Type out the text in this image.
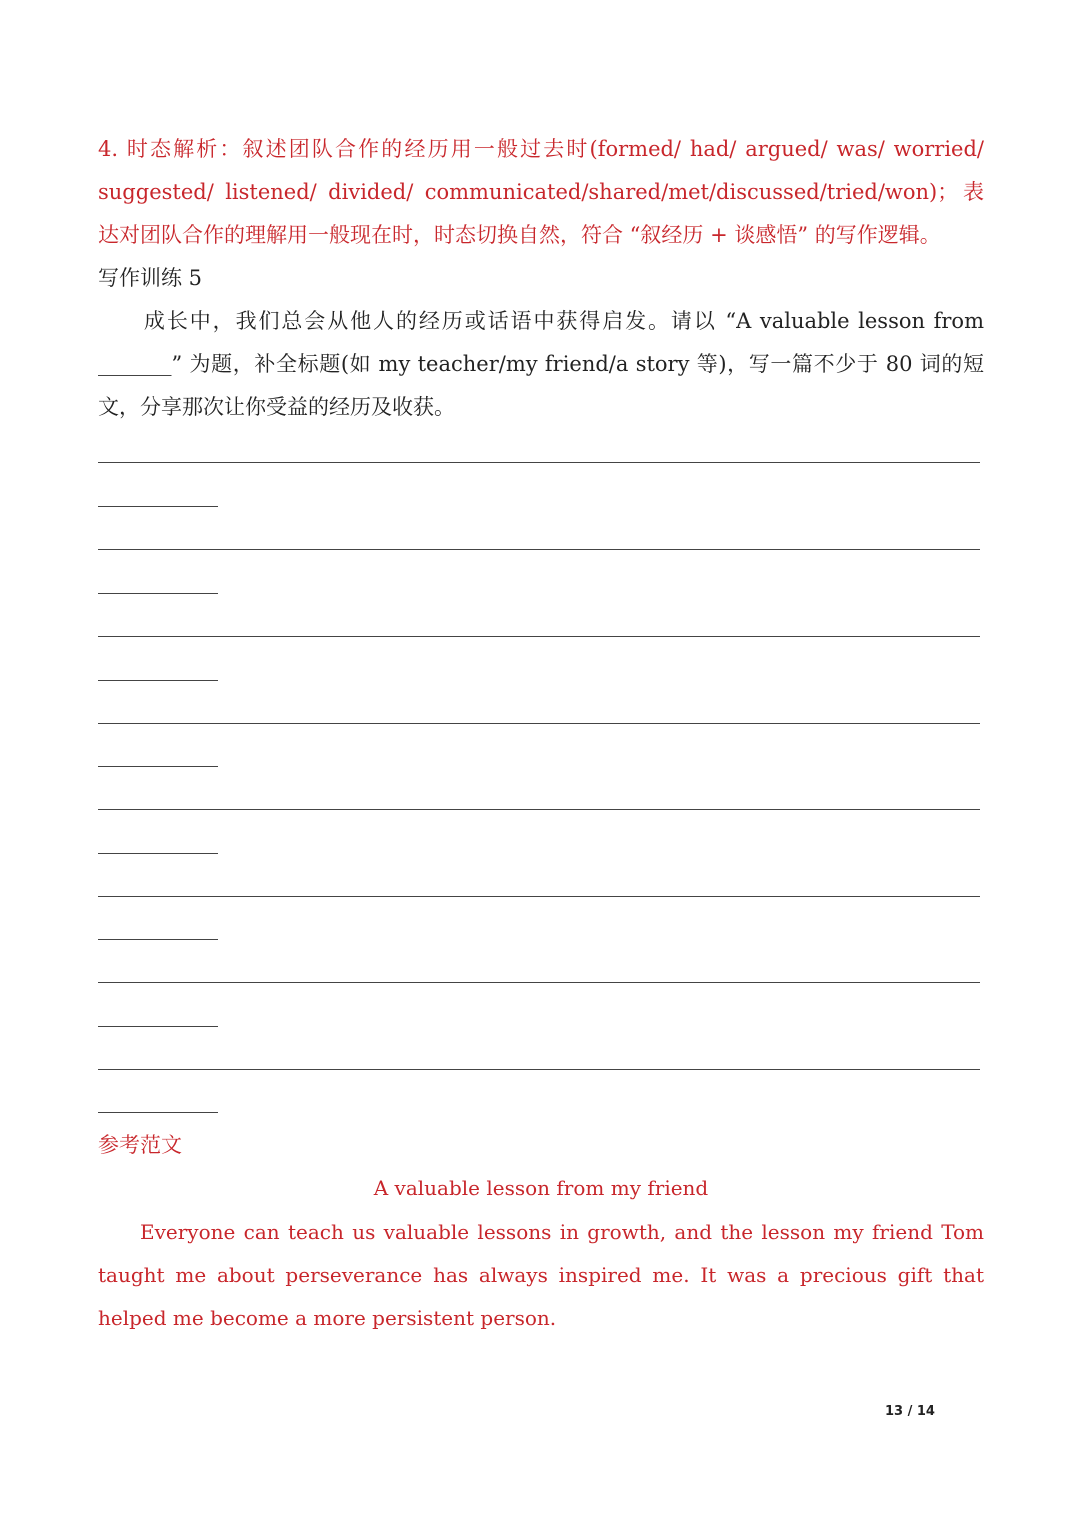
4. 时态解析：叙述团队合作的经历用一般过去时(formed/ had/ argued/ was/ worried/ suggested/ listened/ divided/ communicated/shared/met/discussed/tried/won)；表达对团队合作的理解用一般现在时，时态切换自然，符合 “叙经历 + 谈感悟” 的写作逻辑。
写作训练 5
成长中，我们总会从他人的经历或话语中获得启发。请以 “A valuable lesson from _______” 为题，补全标题(如 my teacher/my friend/a story 等)，写一篇不少于 80 词的短文，分享那次让你受益的经历及收获。
参考范文
A valuable lesson from my friend
Everyone can teach us valuable lessons in growth, and the lesson my friend Tom taught me about perseverance has always inspired me. It was a precious gift that helped me become a more persistent person.
13 / 14
